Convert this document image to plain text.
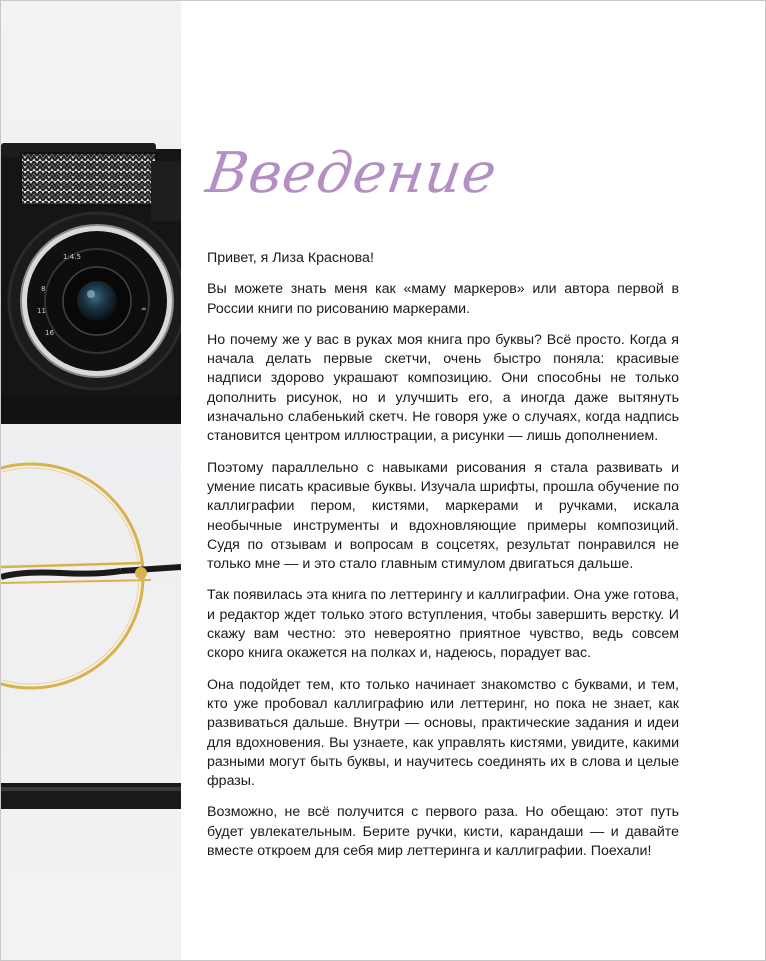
1:4.5
8
11
16
∞
Введение

Привет, я Лиза Краснова!

Вы можете знать меня как «маму маркеров» или автора первой в России книги по рисованию маркерами.

Но почему же у вас в руках моя книга про буквы? Всё просто. Когда я начала делать первые скетчи, очень быстро поняла: красивые надписи здорово украшают композицию. Они способны не только дополнить рисунок, но и улучшить его, а иногда даже вытянуть изначально слабенький скетч. Не говоря уже о случаях, когда надпись становится центром иллюстрации, а рисунки — лишь дополнением.

Поэтому параллельно с навыками рисования я стала развивать и умение писать красивые буквы. Изучала шрифты, прошла обучение по каллиграфии пером, кистями, маркерами и ручками, искала необычные инструменты и вдохновляющие примеры композиций. Судя по отзывам и вопросам в соцсетях, результат понравился не только мне — и это стало главным стимулом двигаться дальше.

Так появилась эта книга по леттерингу и каллиграфии. Она уже готова, и редактор ждет только этого вступления, чтобы завершить верстку. И скажу вам честно: это невероятно приятное чувство, ведь совсем скоро книга окажется на полках и, надеюсь, порадует вас.

Она подойдет тем, кто только начинает знакомство с буквами, и тем, кто уже пробовал каллиграфию или леттеринг, но пока не знает, как развиваться дальше. Внутри — основы, практические задания и идеи для вдохновения. Вы узнаете, как управлять кистями, увидите, какими разными могут быть буквы, и научитесь соединять их в слова и целые фразы.

Возможно, не всё получится с первого раза. Но обещаю: этот путь будет увлекательным. Берите ручки, кисти, карандаши — и давайте вместе откроем для себя мир леттеринга и каллиграфии. Поехали!
